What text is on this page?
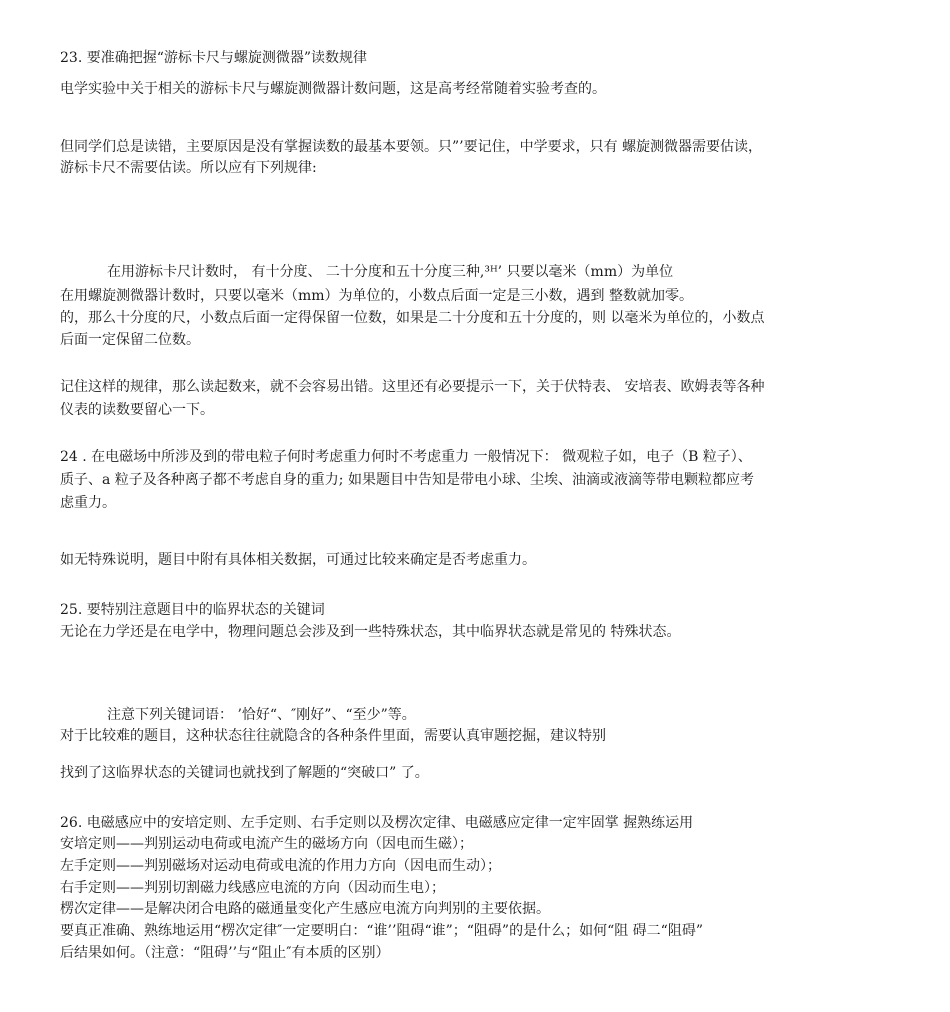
23. 要准确把握“游标卡尺与螺旋测微器”读数规律
电学实验中关于相关的游标卡尺与螺旋测微器计数问题，这是高考经常随着实验考查的。
但同学们总是读错，主要原因是没有掌握读数的最基本要领。只”’要记住，中学要求，只有 螺旋测微器需要估读，
游标卡尺不需要估读。所以应有下列规律:
在用游标卡尺计数时， 有十分度、 二十分度和五十分度三种,³ᴴ’ 只要以毫米（mm）为单位
在用螺旋测微器计数时，只要以毫米（mm）为单位的，小数点后面一定是三小数，遇到 整数就加零。
的，那么十分度的尺，小数点后面一定得保留一位数，如果是二十分度和五十分度的，则 以毫米为单位的，小数点
后面一定保留二位数。
记住这样的规律，那么读起数来，就不会容易出错。这里还有必要提示一下，关于伏特表、 安培表、欧姆表等各种
仪表的读数要留心一下。
24 . 在电磁场中所涉及到的带电粒子何时考虑重力何时不考虑重力 一般情况下： 微观粒子如，电子（B 粒子）、
质子、a 粒子及各种离子都不考虑自身的重力; 如果题目中告知是带电小球、尘埃、油滴或液滴等带电颗粒都应考
虑重力。
如无特殊说明，题目中附有具体相关数据，可通过比较来确定是否考虑重力。
25. 要特别注意题目中的临界状态的关键词
无论在力学还是在电学中，物理问题总会涉及到一些特殊状态，其中临界状态就是常见的 特殊状态。
注意下列关键词语： ’恰好“、″刚好”、“至少”等。
对于比较难的题目，这种状态往往就隐含的各种条件里面，需要认真审题挖掘，建议特别
找到了这临界状态的关键词也就找到了解题的“突破口” 了。
26. 电磁感应中的安培定则、左手定则、右手定则以及楞次定律、电磁感应定律一定牢固掌 握熟练运用
安培定则——判别运动电荷或电流产生的磁场方向（因电而生磁）；
左手定则——判别磁场对运动电荷或电流的作用力方向（因电而生动）；
右手定则——判别切割磁力线感应电流的方向（因动而生电）；
楞次定律——是解决闭合电路的磁通量变化产生感应电流方向判别的主要依据。
要真正准确、熟练地运用“楞次定律″一定要明白：“谁’’阻碍“谁”；“阻碍”的是什么；如何“阻 碍二“阻碍”
后结果如何。（注意：“阻碍’’与“阻止″有本质的区别）
